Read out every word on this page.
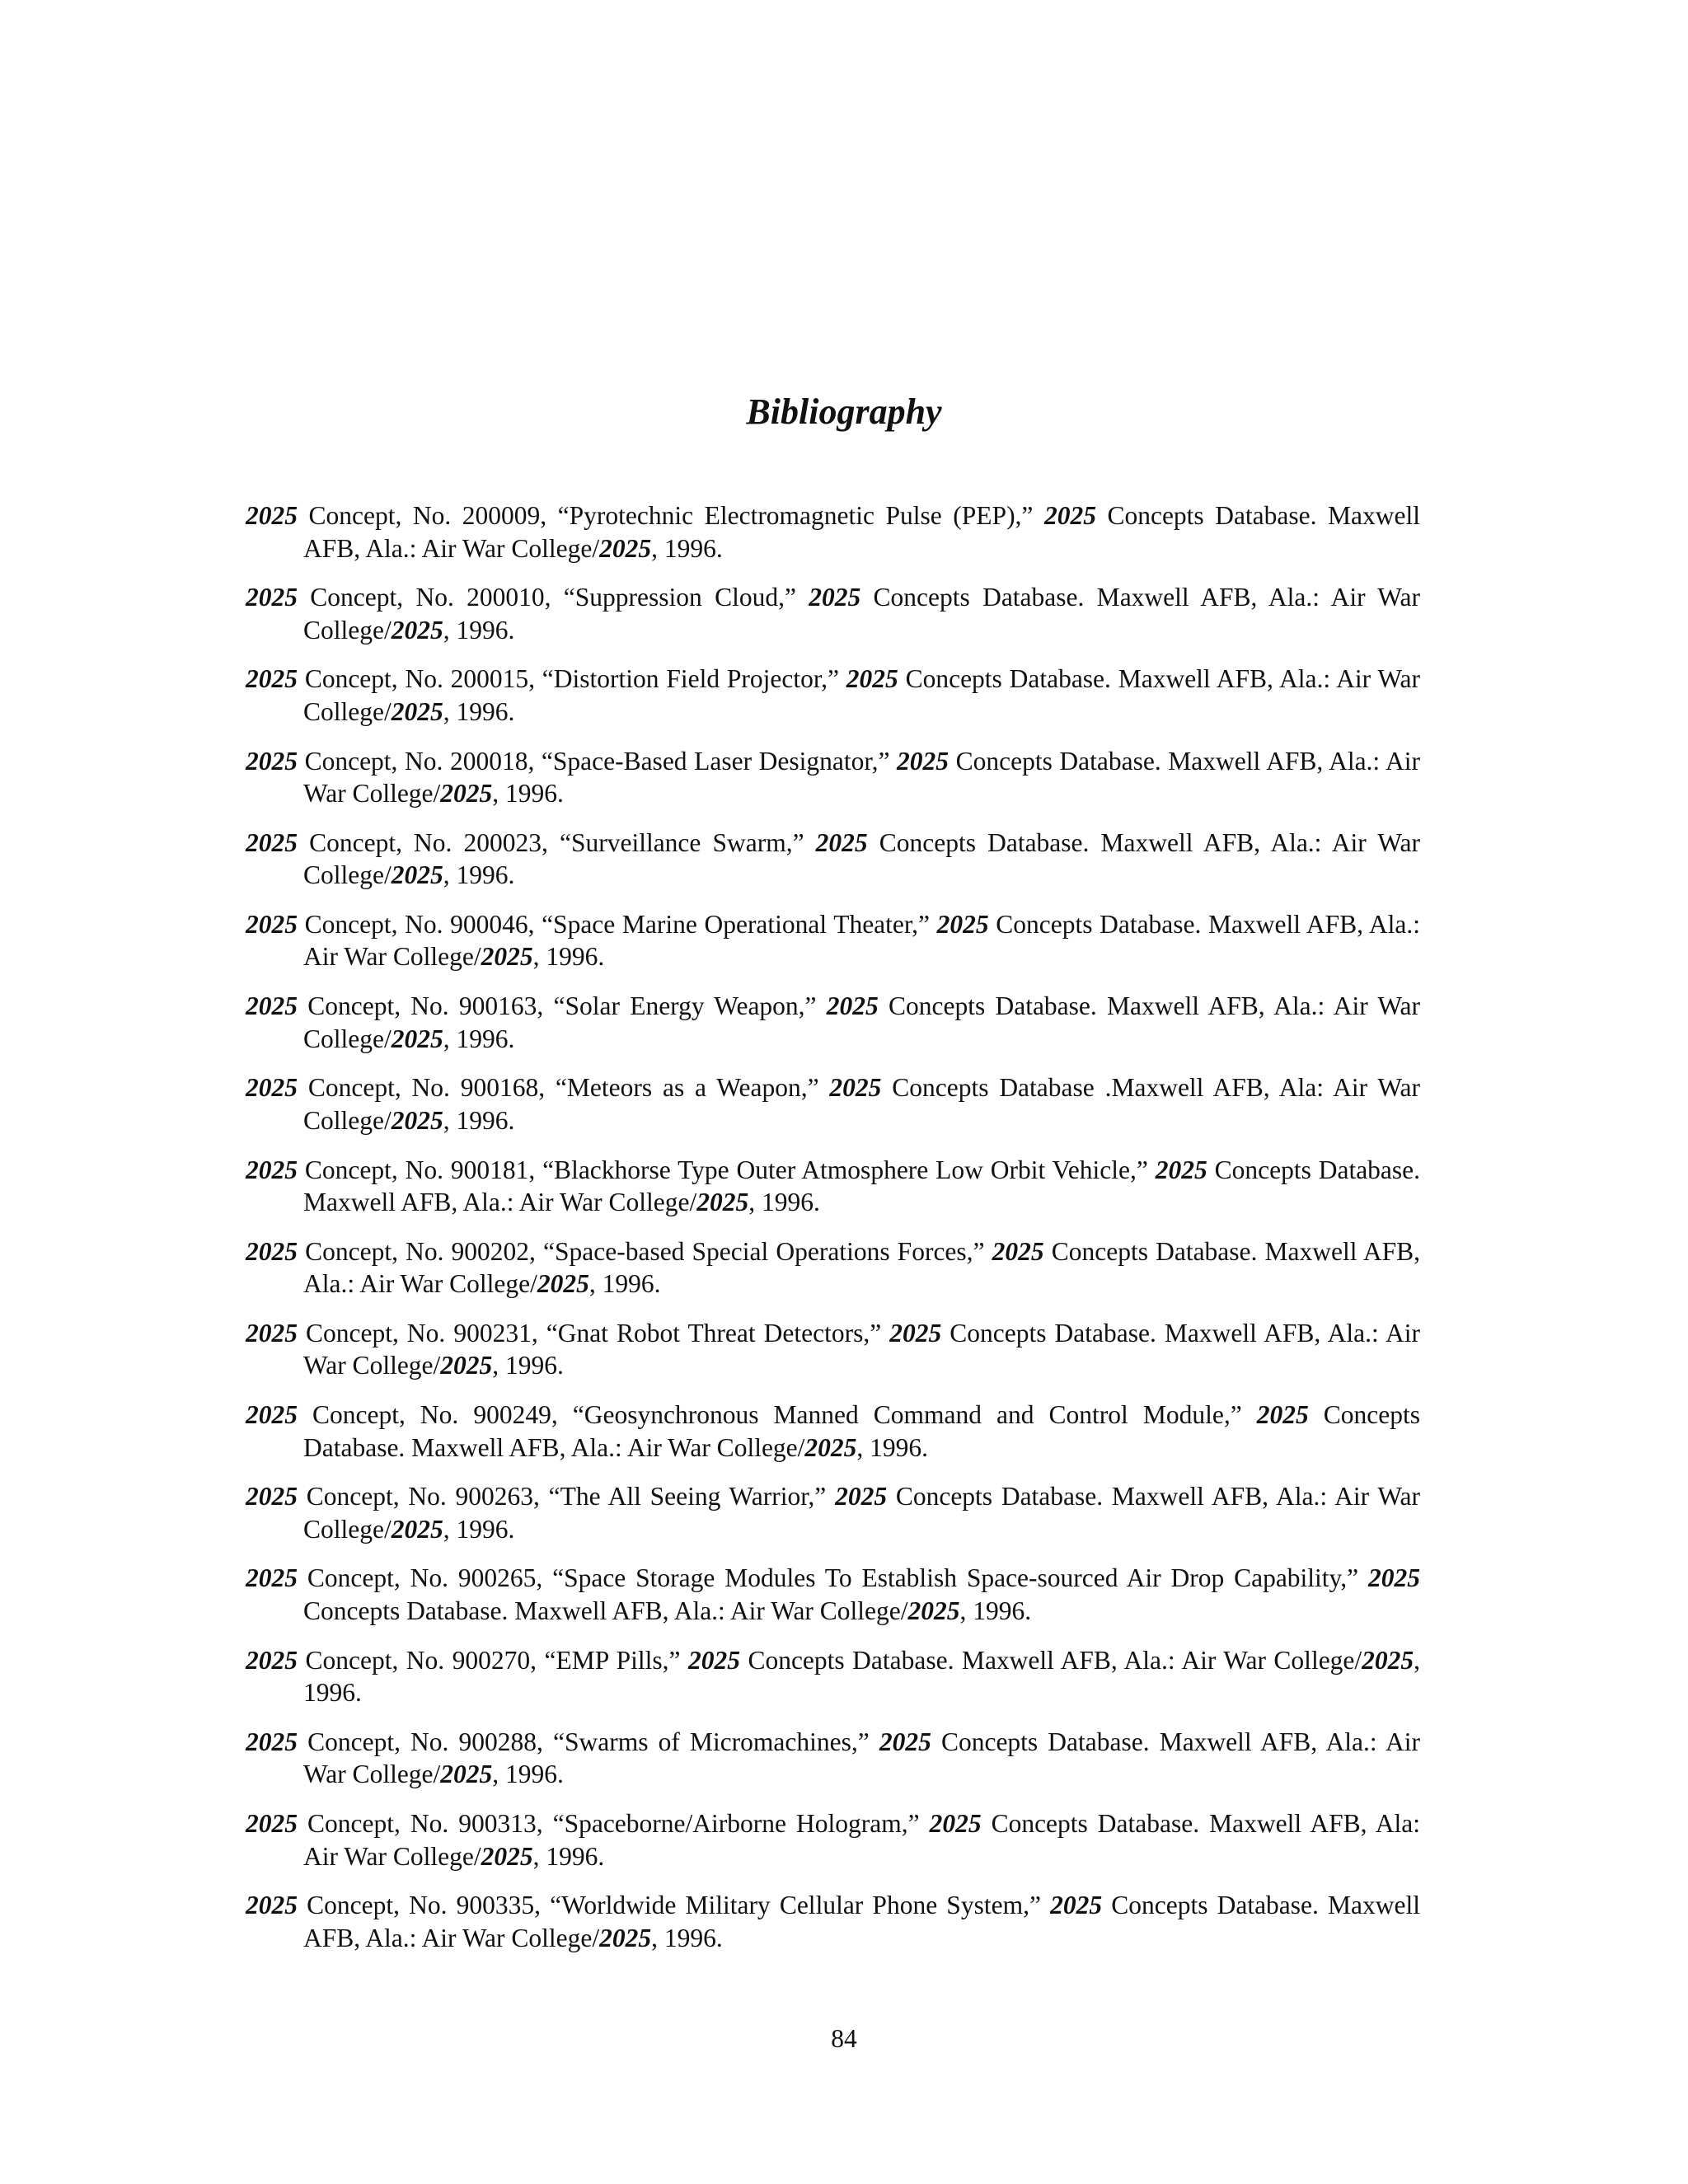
Bibliography
2025 Concept, No. 200009, “Pyrotechnic Electromagnetic Pulse (PEP),” 2025 Concepts Database. Maxwell AFB, Ala.: Air War College/2025, 1996.
2025 Concept, No. 200010, “Suppression Cloud,” 2025 Concepts Database. Maxwell AFB, Ala.: Air War College/2025, 1996.
2025 Concept, No. 200015, “Distortion Field Projector,” 2025 Concepts Database. Maxwell AFB, Ala.: Air War College/2025, 1996.
2025 Concept, No. 200018, “Space-Based Laser Designator,” 2025 Concepts Database. Maxwell AFB, Ala.: Air War College/2025, 1996.
2025 Concept, No. 200023, “Surveillance Swarm,” 2025 Concepts Database. Maxwell AFB, Ala.: Air War College/2025, 1996.
2025 Concept, No. 900046, “Space Marine Operational Theater,” 2025 Concepts Database. Maxwell AFB, Ala.: Air War College/2025, 1996.
2025 Concept, No. 900163, “Solar Energy Weapon,” 2025 Concepts Database. Maxwell AFB, Ala.: Air War College/2025, 1996.
2025 Concept, No. 900168, “Meteors as a Weapon,” 2025 Concepts Database .Maxwell AFB, Ala: Air War College/2025, 1996.
2025 Concept, No. 900181, “Blackhorse Type Outer Atmosphere Low Orbit Vehicle,” 2025 Concepts Database. Maxwell AFB, Ala.: Air War College/2025, 1996.
2025 Concept, No. 900202, “Space-based Special Operations Forces,” 2025 Concepts Database. Maxwell AFB, Ala.: Air War College/2025, 1996.
2025 Concept, No. 900231, “Gnat Robot Threat Detectors,” 2025 Concepts Database. Maxwell AFB, Ala.: Air War College/2025, 1996.
2025 Concept, No. 900249, “Geosynchronous Manned Command and Control Module,” 2025 Concepts Database. Maxwell AFB, Ala.: Air War College/2025, 1996.
2025 Concept, No. 900263, “The All Seeing Warrior,” 2025 Concepts Database. Maxwell AFB, Ala.: Air War College/2025, 1996.
2025 Concept, No. 900265, “Space Storage Modules To Establish Space-sourced Air Drop Capability,” 2025 Concepts Database. Maxwell AFB, Ala.: Air War College/2025, 1996.
2025 Concept, No. 900270, “EMP Pills,” 2025 Concepts Database. Maxwell AFB, Ala.: Air War College/2025, 1996.
2025 Concept, No. 900288, “Swarms of Micromachines,” 2025 Concepts Database. Maxwell AFB, Ala.: Air War College/2025, 1996.
2025 Concept, No. 900313, “Spaceborne/Airborne Hologram,” 2025 Concepts Database. Maxwell AFB, Ala: Air War College/2025, 1996.
2025 Concept, No. 900335, “Worldwide Military Cellular Phone System,” 2025 Concepts Database. Maxwell AFB, Ala.: Air War College/2025, 1996.
84
